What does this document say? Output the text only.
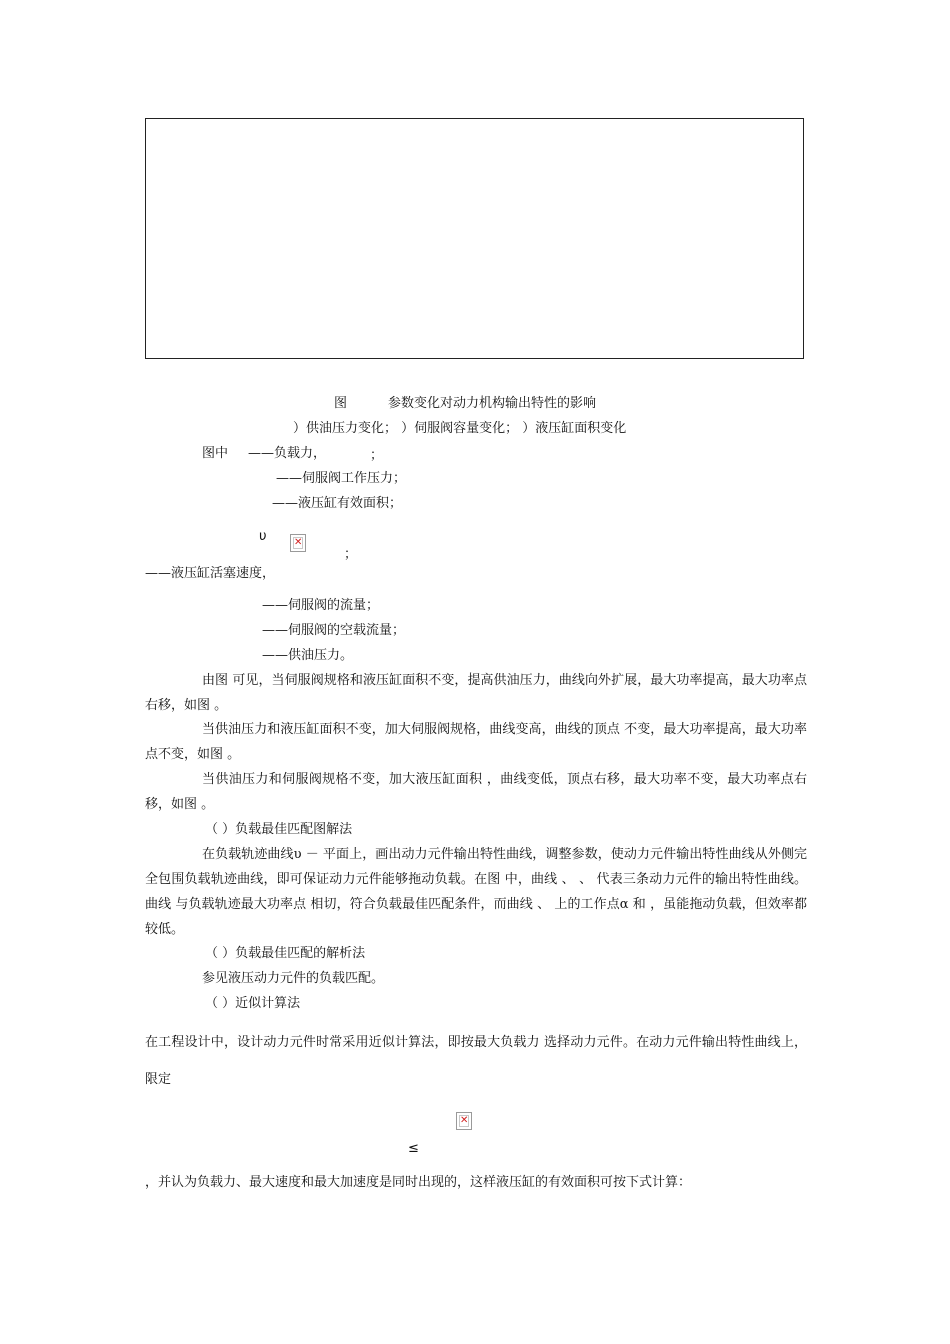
图	参数变化对动力机构输出特性的影响
）供油压力变化； ）伺服阀容量变化； ）液压缸面积变化
图中 ——负载力，	；
——伺服阀工作压力；
——液压缸有效面积；
υ	✕
；
——液压缸活塞速度，
——伺服阀的流量；
——伺服阀的空载流量；
——供油压力。
由图 可见，当伺服阀规格和液压缸面积不变，提高供油压力，曲线向外扩展，最大功率提高，最大功率点右移，如图 。
当供油压力和液压缸面积不变，加大伺服阀规格，曲线变高，曲线的顶点 不变，最大功率提高，最大功率点不变，如图 。
当供油压力和伺服阀规格不变，加大液压缸面积 ，曲线变低，顶点右移，最大功率不变，最大功率点右移，如图 。
（ ）负载最佳匹配图解法
在负载轨迹曲线υ － 平面上，画出动力元件输出特性曲线，调整参数，使动力元件输出特性曲线从外侧完全包围负载轨迹曲线，即可保证动力元件能够拖动负载。在图 中，曲线 、 、 代表三条动力元件的输出特性曲线。曲线 与负载轨迹最大功率点 相切，符合负载最佳匹配条件，而曲线 、 上的工作点α 和 ，虽能拖动负载，但效率都较低。
（ ）负载最佳匹配的解析法
参见液压动力元件的负载匹配。
（ ）近似计算法
在工程设计中，设计动力元件时常采用近似计算法，即按最大负载力 选择动力元件。在动力元件输出特性曲线上，限定
✕
≤
，并认为负载力、最大速度和最大加速度是同时出现的，这样液压缸的有效面积可按下式计算：
